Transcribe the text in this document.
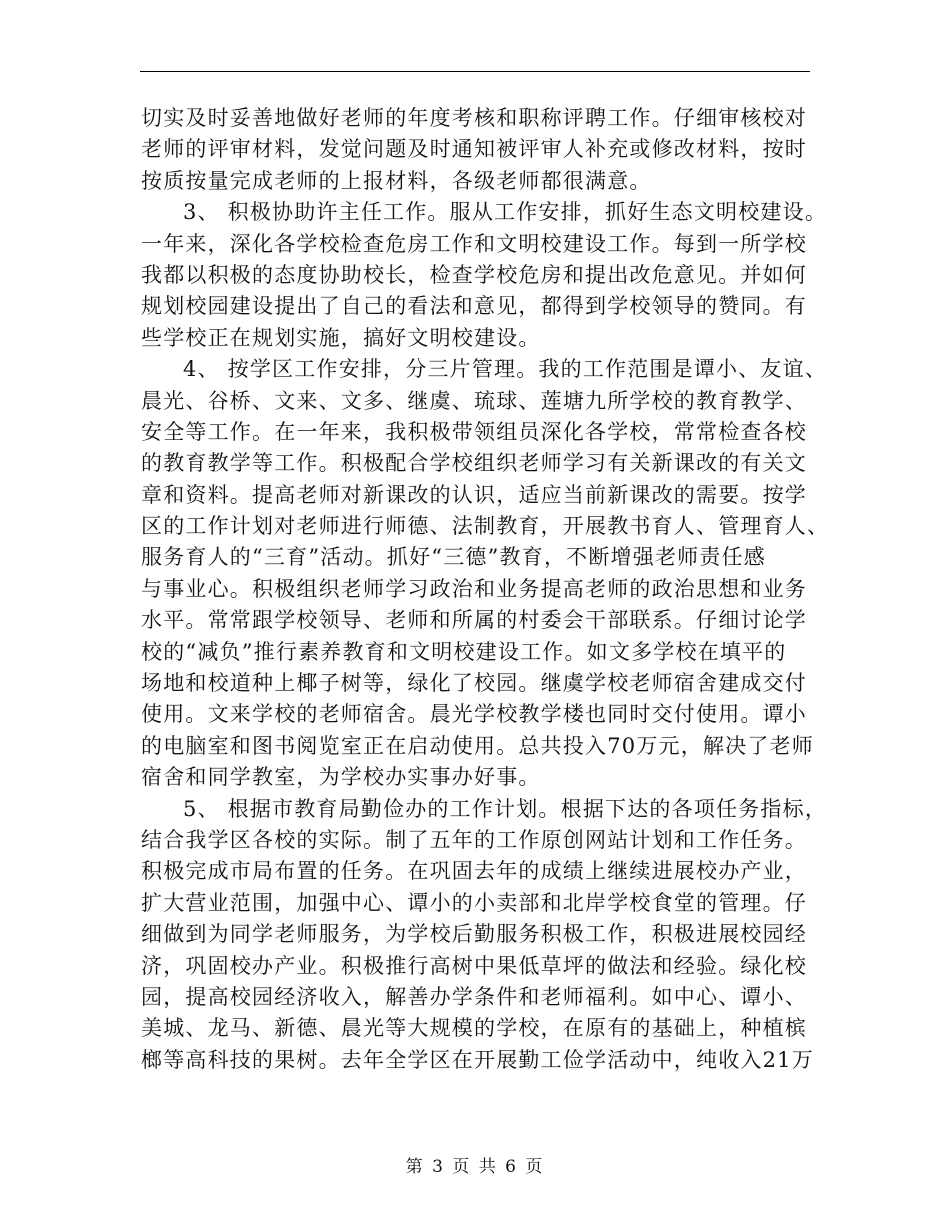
切实及时妥善地做好老师的年度考核和职称评聘工作。仔细审核校对
老师的评审材料，发觉问题及时通知被评审人补充或修改材料，按时
按质按量完成老师的上报材料，各级老师都很满意。
3、 积极协助许主任工作。服从工作安排，抓好生态文明校建设。
一年来，深化各学校检查危房工作和文明校建设工作。每到一所学校
我都以积极的态度协助校长，检查学校危房和提出改危意见。并如何
规划校园建设提出了自己的看法和意见，都得到学校领导的赞同。有
些学校正在规划实施，搞好文明校建设。
4、 按学区工作安排，分三片管理。我的工作范围是谭小、友谊、
晨光、谷桥、文来、文多、继虞、琉球、莲塘九所学校的教育教学、
安全等工作。在一年来，我积极带领组员深化各学校，常常检查各校
的教育教学等工作。积极配合学校组织老师学习有关新课改的有关文
章和资料。提高老师对新课改的认识，适应当前新课改的需要。按学
区的工作计划对老师进行师德、法制教育，开展教书育人、管理育人、
服务育人的“三育”活动。抓好“三德”教育，不断增强老师责任感
与事业心。积极组织老师学习政治和业务提高老师的政治思想和业务
水平。常常跟学校领导、老师和所属的村委会干部联系。仔细讨论学
校的“减负”推行素养教育和文明校建设工作。如文多学校在填平的
场地和校道种上椰子树等，绿化了校园。继虞学校老师宿舍建成交付
使用。文来学校的老师宿舍。晨光学校教学楼也同时交付使用。谭小
的电脑室和图书阅览室正在启动使用。总共投入70万元，解决了老师
宿舍和同学教室，为学校办实事办好事。
5、 根据市教育局勤俭办的工作计划。根据下达的各项任务指标，
结合我学区各校的实际。制了五年的工作原创网站计划和工作任务。
积极完成市局布置的任务。在巩固去年的成绩上继续进展校办产业，
扩大营业范围，加强中心、谭小的小卖部和北岸学校食堂的管理。仔
细做到为同学老师服务，为学校后勤服务积极工作，积极进展校园经
济，巩固校办产业。积极推行高树中果低草坪的做法和经验。绿化校
园，提高校园经济收入，解善办学条件和老师福利。如中心、谭小、
美城、龙马、新德、晨光等大规模的学校，在原有的基础上，种植槟
榔等高科技的果树。去年全学区在开展勤工俭学活动中，纯收入21万
第 3 页 共 6 页
